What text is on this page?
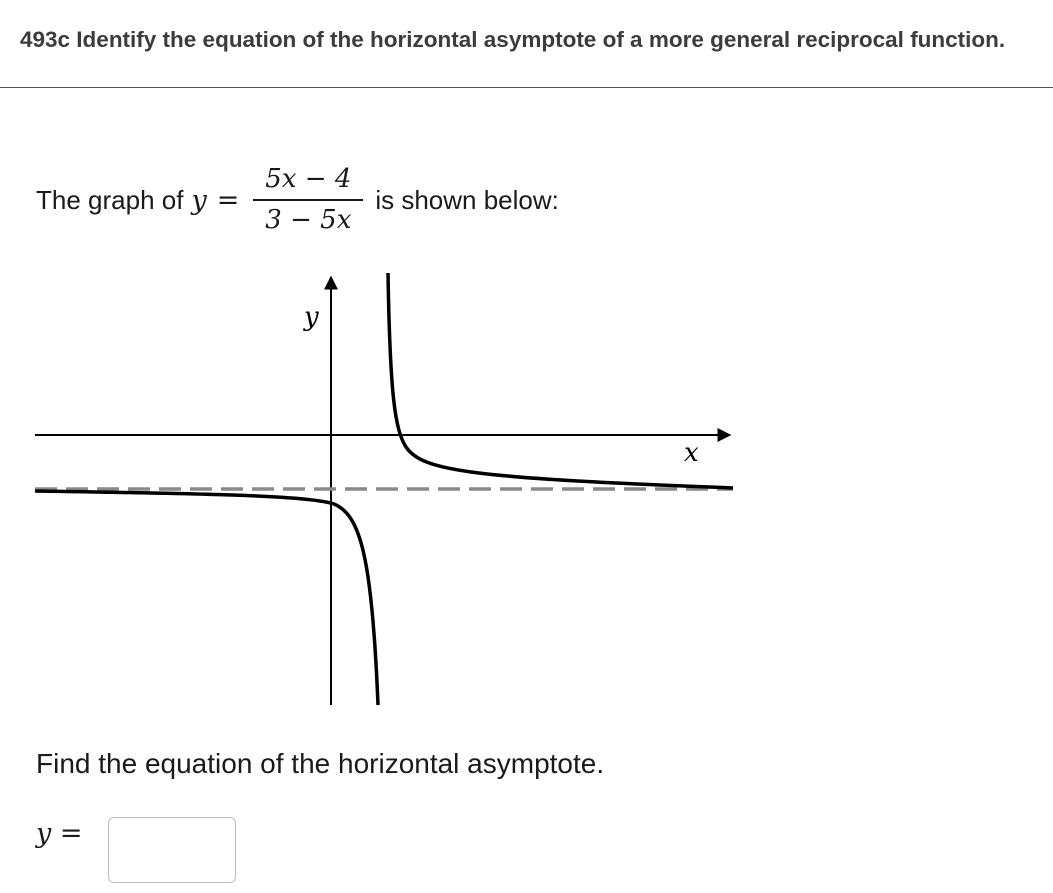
493c Identify the equation of the horizontal asymptote of a more general reciprocal function.
The graph of $y = \frac{5x - 4}{3 - 5x}$ is shown below:
y
x
Find the equation of the horizontal asymptote.
y =
